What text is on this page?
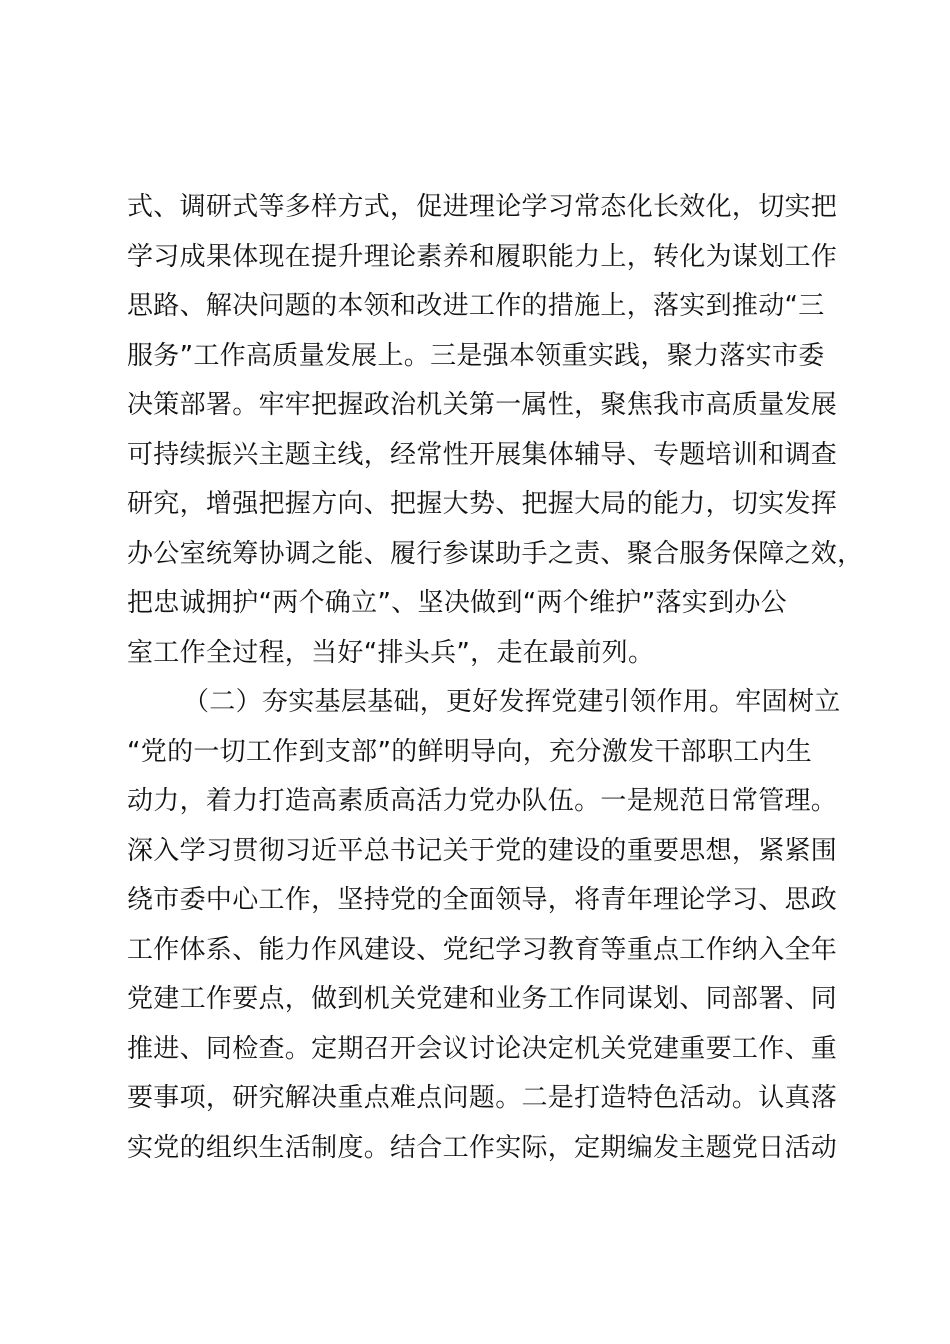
式、调研式等多样方式，促进理论学习常态化长效化，切实把
学习成果体现在提升理论素养和履职能力上，转化为谋划工作
思路、解决问题的本领和改进工作的措施上，落实到推动“三
服务”工作高质量发展上。三是强本领重实践，聚力落实市委
决策部署。牢牢把握政治机关第一属性，聚焦我市高质量发展
可持续振兴主题主线，经常性开展集体辅导、专题培训和调查
研究，增强把握方向、把握大势、把握大局的能力，切实发挥
办公室统筹协调之能、履行参谋助手之责、聚合服务保障之效，
把忠诚拥护“两个确立”、坚决做到“两个维护”落实到办公
室工作全过程，当好“排头兵”，走在最前列。
（二）夯实基层基础，更好发挥党建引领作用。牢固树立
“党的一切工作到支部”的鲜明导向，充分激发干部职工内生
动力，着力打造高素质高活力党办队伍。一是规范日常管理。
深入学习贯彻习近平总书记关于党的建设的重要思想，紧紧围
绕市委中心工作，坚持党的全面领导，将青年理论学习、思政
工作体系、能力作风建设、党纪学习教育等重点工作纳入全年
党建工作要点，做到机关党建和业务工作同谋划、同部署、同
推进、同检查。定期召开会议讨论决定机关党建重要工作、重
要事项，研究解决重点难点问题。二是打造特色活动。认真落
实党的组织生活制度。结合工作实际，定期编发主题党日活动
